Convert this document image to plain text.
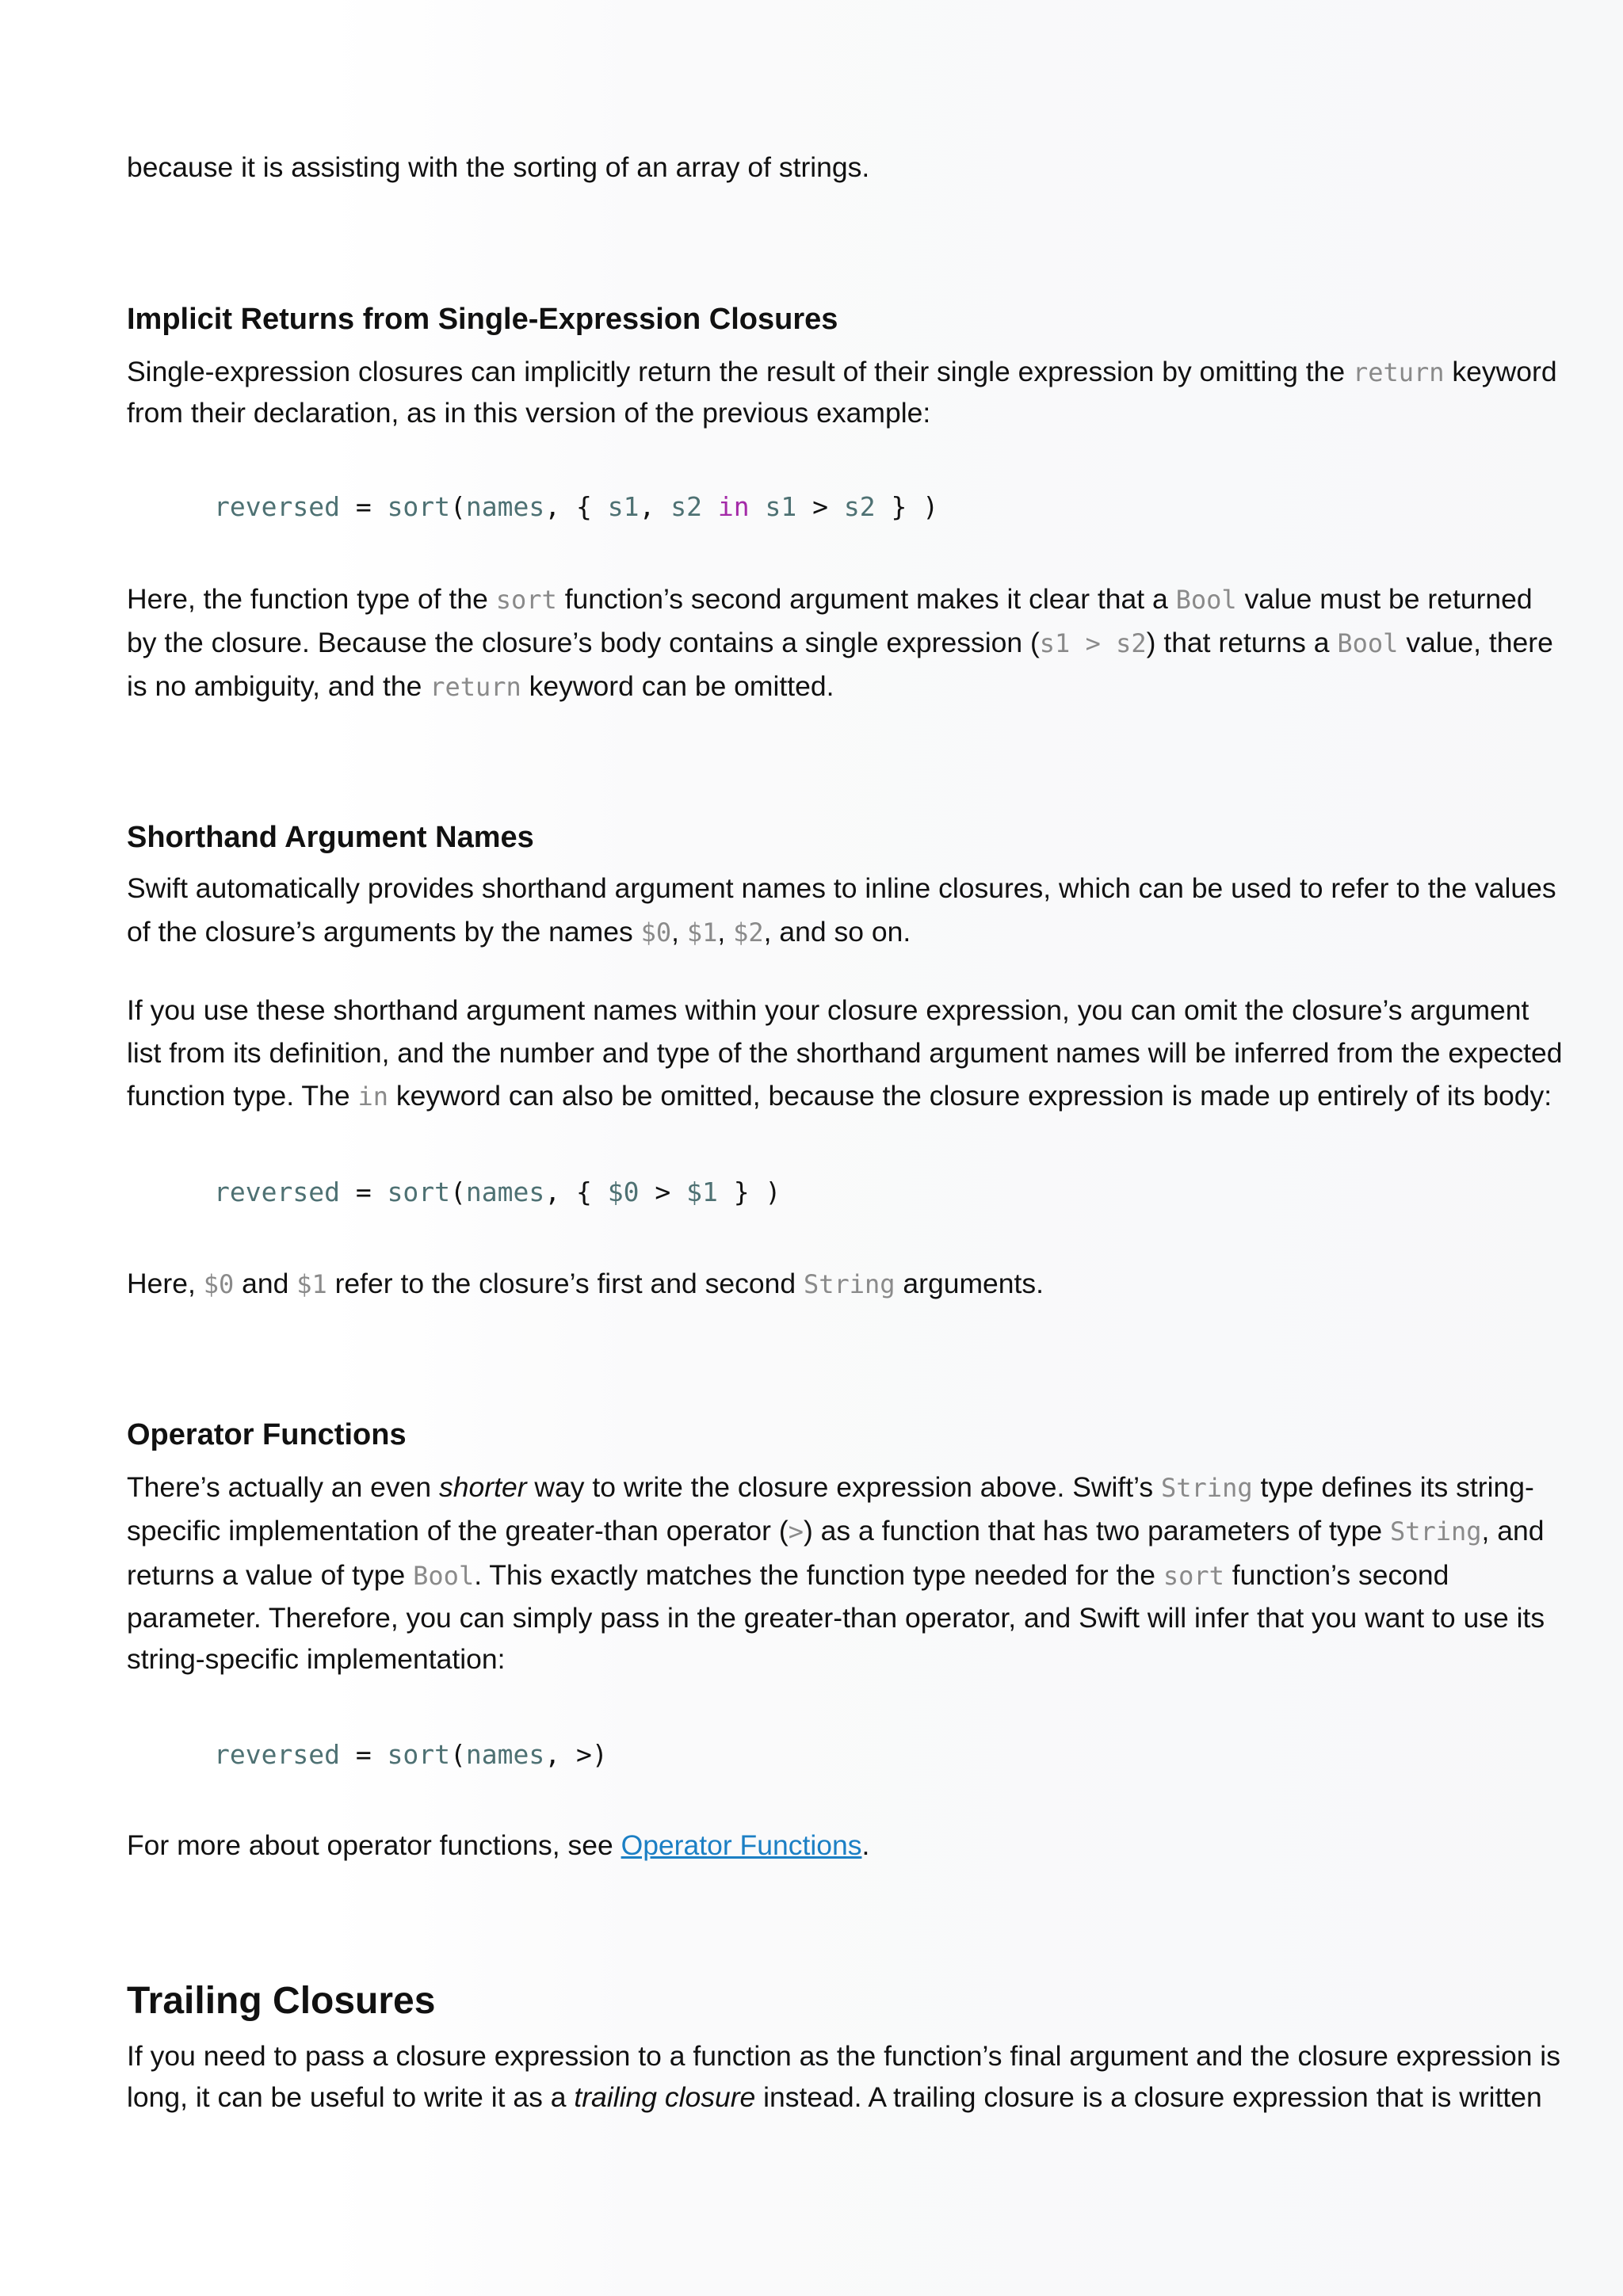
because it is assisting with the sorting of an array of strings.

Implicit Returns from Single-Expression Closures

Single-expression closures can implicitly return the result of their single expression by omitting the return keyword

from their declaration, as in this version of the previous example:

reversed = sort(names, { s1, s2 in s1 > s2 } )

Here, the function type of the sort function’s second argument makes it clear that a Bool value must be returned

by the closure. Because the closure’s body contains a single expression (s1 > s2) that returns a Bool value, there

is no ambiguity, and the return keyword can be omitted.

Shorthand Argument Names

Swift automatically provides shorthand argument names to inline closures, which can be used to refer to the values

of the closure’s arguments by the names $0, $1, $2, and so on.

If you use these shorthand argument names within your closure expression, you can omit the closure’s argument

list from its definition, and the number and type of the shorthand argument names will be inferred from the expected

function type. The in keyword can also be omitted, because the closure expression is made up entirely of its body:

reversed = sort(names, { $0 > $1 } )

Here, $0 and $1 refer to the closure’s first and second String arguments.

Operator Functions

There’s actually an even shorter way to write the closure expression above. Swift’s String type defines its string-

specific implementation of the greater-than operator (>) as a function that has two parameters of type String, and

returns a value of type Bool. This exactly matches the function type needed for the sort function’s second

parameter. Therefore, you can simply pass in the greater-than operator, and Swift will infer that you want to use its

string-specific implementation:

reversed = sort(names, >)

For more about operator functions, see Operator Functions.

Trailing Closures

If you need to pass a closure expression to a function as the function’s final argument and the closure expression is

long, it can be useful to write it as a trailing closure instead. A trailing closure is a closure expression that is written
